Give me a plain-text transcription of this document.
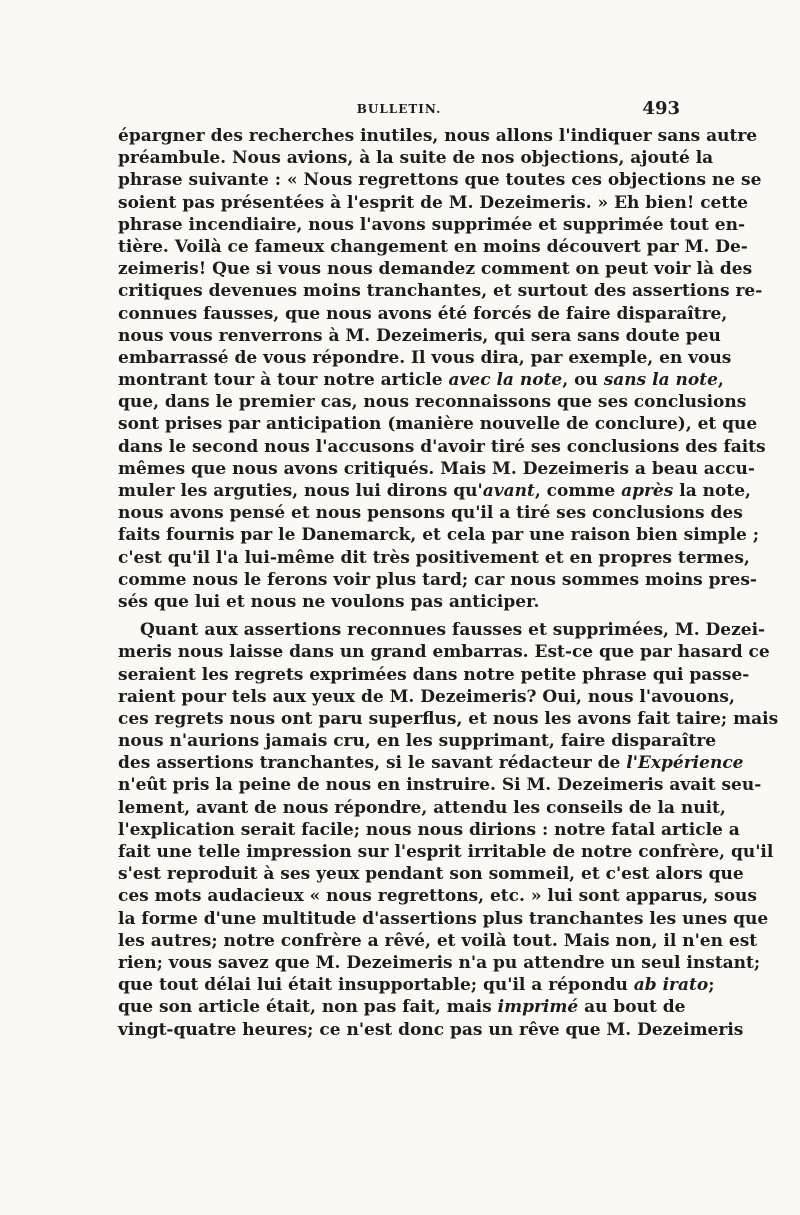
BULLETIN.	493
épargner des recherches inutiles, nous allons l'indiquer sans autre
préambule. Nous avions, à la suite de nos objections, ajouté la
phrase suivante : « Nous regrettons que toutes ces objections ne se
soient pas présentées à l'esprit de M. Dezeimeris. » Eh bien! cette
phrase incendiaire, nous l'avons supprimée et supprimée tout en-
tière. Voilà ce fameux changement en moins découvert par M. De-
zeimeris! Que si vous nous demandez comment on peut voir là des
critiques devenues moins tranchantes, et surtout des assertions re-
connues fausses, que nous avons été forcés de faire disparaître,
nous vous renverrons à M. Dezeimeris, qui sera sans doute peu
embarrassé de vous répondre. Il vous dira, par exemple, en vous
montrant tour à tour notre article avec la note, ou sans la note,
que, dans le premier cas, nous reconnaissons que ses conclusions
sont prises par anticipation (manière nouvelle de conclure), et que
dans le second nous l'accusons d'avoir tiré ses conclusions des faits
mêmes que nous avons critiqués. Mais M. Dezeimeris a beau accu-
muler les arguties, nous lui dirons qu'avant, comme après la note,
nous avons pensé et nous pensons qu'il a tiré ses conclusions des
faits fournis par le Danemarck, et cela par une raison bien simple ;
c'est qu'il l'a lui-même dit très positivement et en propres termes,
comme nous le ferons voir plus tard; car nous sommes moins pres-
sés que lui et nous ne voulons pas anticiper.
Quant aux assertions reconnues fausses et supprimées, M. Dezei-
meris nous laisse dans un grand embarras. Est-ce que par hasard ce
seraient les regrets exprimées dans notre petite phrase qui passe-
raient pour tels aux yeux de M. Dezeimeris? Oui, nous l'avouons,
ces regrets nous ont paru superflus, et nous les avons fait taire; mais
nous n'aurions jamais cru, en les supprimant, faire disparaître
des assertions tranchantes, si le savant rédacteur de l'Expérience
n'eût pris la peine de nous en instruire. Si M. Dezeimeris avait seu-
lement, avant de nous répondre, attendu les conseils de la nuit,
l'explication serait facile; nous nous dirions : notre fatal article a
fait une telle impression sur l'esprit irritable de notre confrère, qu'il
s'est reproduit à ses yeux pendant son sommeil, et c'est alors que
ces mots audacieux « nous regrettons, etc. » lui sont apparus, sous
la forme d'une multitude d'assertions plus tranchantes les unes que
les autres; notre confrère a rêvé, et voilà tout. Mais non, il n'en est
rien; vous savez que M. Dezeimeris n'a pu attendre un seul instant;
que tout délai lui était insupportable; qu'il a répondu ab irato;
que son article était, non pas fait, mais imprimé au bout de
vingt-quatre heures; ce n'est donc pas un rêve que M. Dezeimeris
